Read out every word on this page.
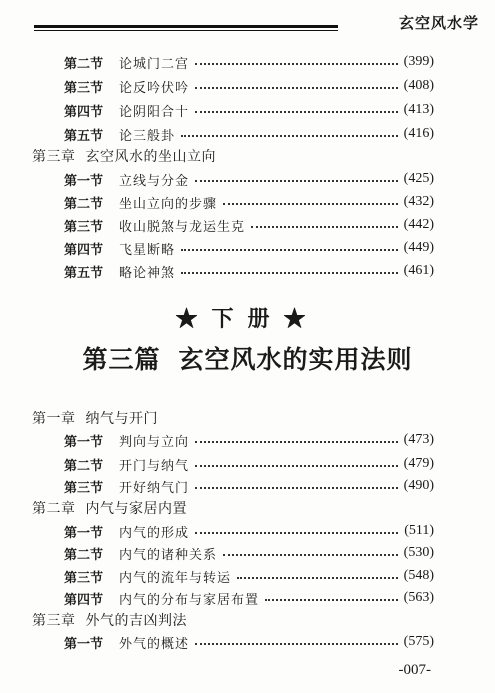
玄空风水学
第二节	论城门二宫	(399)
第三节	论反吟伏吟	(408)
第四节	论阴阳合十	(413)
第五节	论三般卦	(416)
第三章 玄空风水的坐山立向
第一节	立线与分金	(425)
第二节	坐山立向的步骤	(432)
第三节	收山脱煞与龙运生克	(442)
第四节	飞星断略	(449)
第五节	略论神煞	(461)
★下册★
第三篇 玄空风水的实用法则
第一章 纳气与开门
第一节	判向与立向	(473)
第二节	开门与纳气	(479)
第三节	开好纳气门	(490)
第二章 内气与家居内置
第一节	内气的形成	(511)
第二节	内气的诸种关系	(530)
第三节	内气的流年与转运	(548)
第四节	内气的分布与家居布置	(563)
第三章 外气的吉凶判法
第一节	外气的概述	(575)
-007-
